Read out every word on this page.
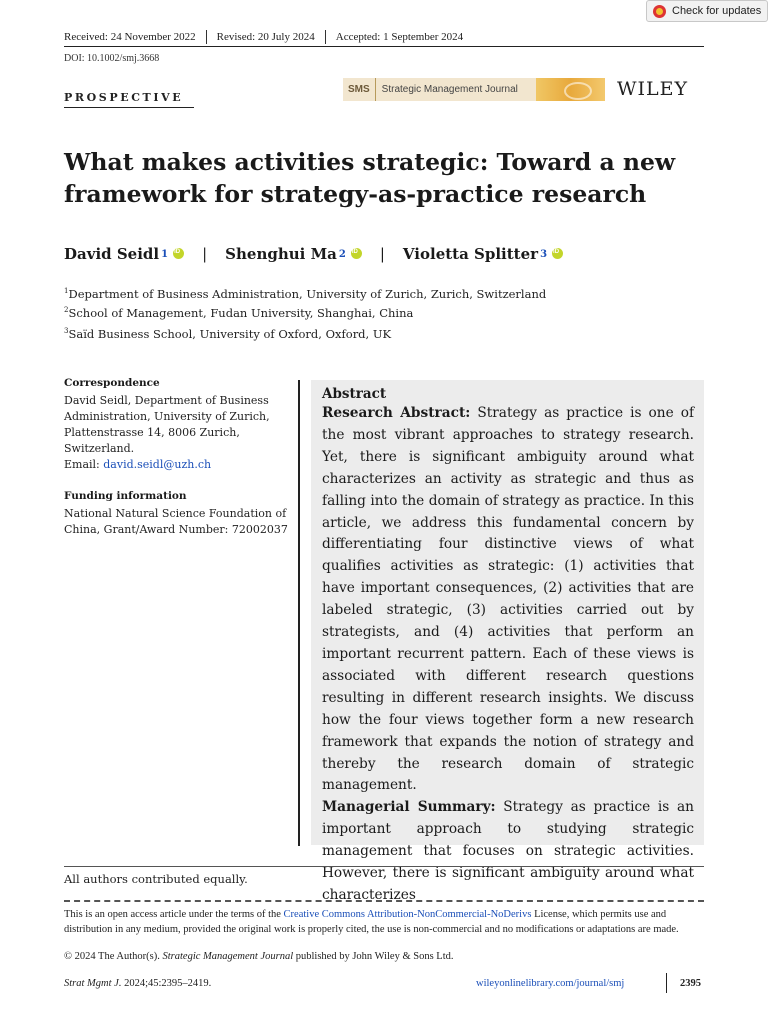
Check for updates
Received: 24 November 2022	Revised: 20 July 2024	Accepted: 1 September 2024
DOI: 10.1002/smj.3668
PROSPECTIVE
SMS	Strategic Management Journal	WILEY
What makes activities strategic: Toward a new framework for strategy-as-practice research
David Seidl 1 iD | Shenghui Ma 2 iD | Violetta Splitter 3
iD
$^1$Department of Business Administration, University of Zurich, Zurich, Switzerland
$^2$School of Management, Fudan University, Shanghai, China
$^3$Saïd Business School, University of Oxford, Oxford, UK
Correspondence
David Seidl, Department of Business
Administration, University of Zurich,
Plattenstrasse 14, 8006 Zurich,
Switzerland.
Email: david.seidl@uzh.ch
Funding information
National Natural Science Foundation of
China, Grant/Award Number: 72002037
Abstract

Research Abstract: Strategy as practice is one of the most vibrant approaches to strategy research. Yet, there is significant ambiguity around what characterizes an activity as strategic and thus as falling into the domain of strategy as practice. In this article, we address this fundamental concern by differentiating four distinctive views of what qualifies activities as strategic: (1) activities that have important consequences, (2) activities that are labeled strategic, (3) activities carried out by strategists, and (4) activities that perform an important recurrent pattern. Each of these views is associated with different research questions resulting in different research insights. We discuss how the four views together form a new research framework that expands the notion of strategy and thereby the research domain of strategic management.

Managerial Summary: Strategy as practice is an important approach to studying strategic management that focuses on strategic activities. However, there is significant ambiguity around what characterizes

All authors contributed equally.
This is an open access article under the terms of the Creative Commons Attribution-NonCommercial-NoDerivs License, which permits use and distribution in any medium, provided the original work is properly cited, the use is non-commercial and no modifications or adaptations are made.
© 2024 The Author(s). Strategic Management Journal published by John Wiley & Sons Ltd.
Strat Mgmt J. 2024;45:2395–2419.	wileyonlinelibrary.com/journal/smj	2395
